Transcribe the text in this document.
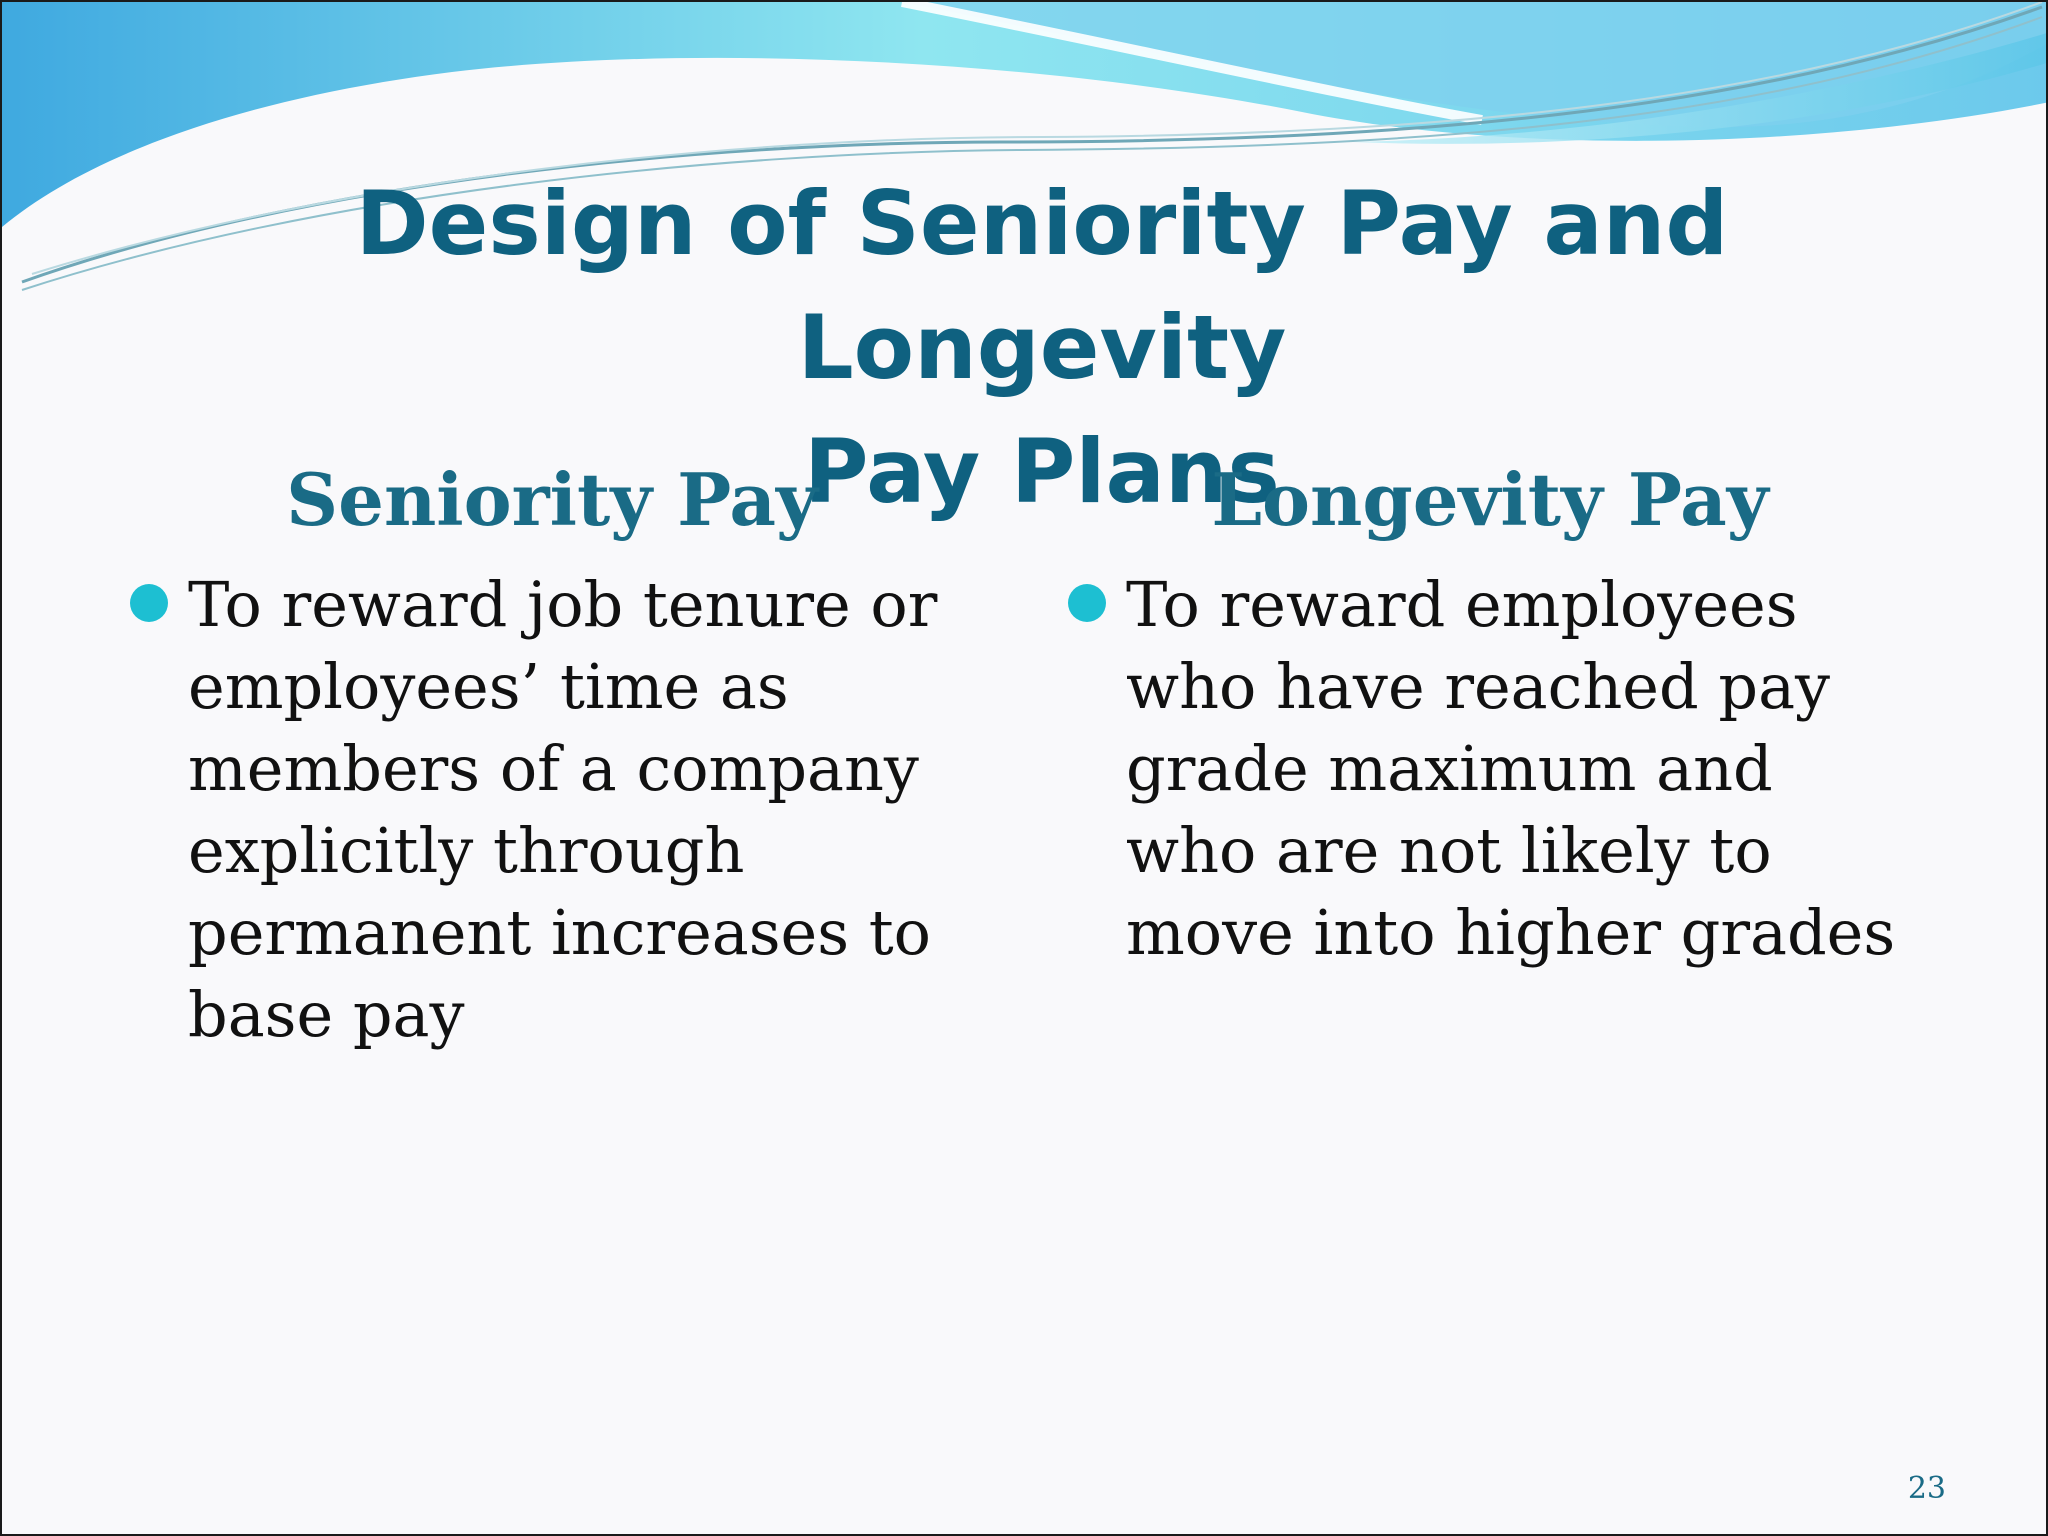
Design of Seniority Pay and Longevity
Pay Plans
Seniority Pay
To reward job tenure or employees’ time as members of a company explicitly through permanent increases to base pay
Longevity Pay
To reward employees who have reached pay grade maximum and who are not likely to move into higher grades
23
